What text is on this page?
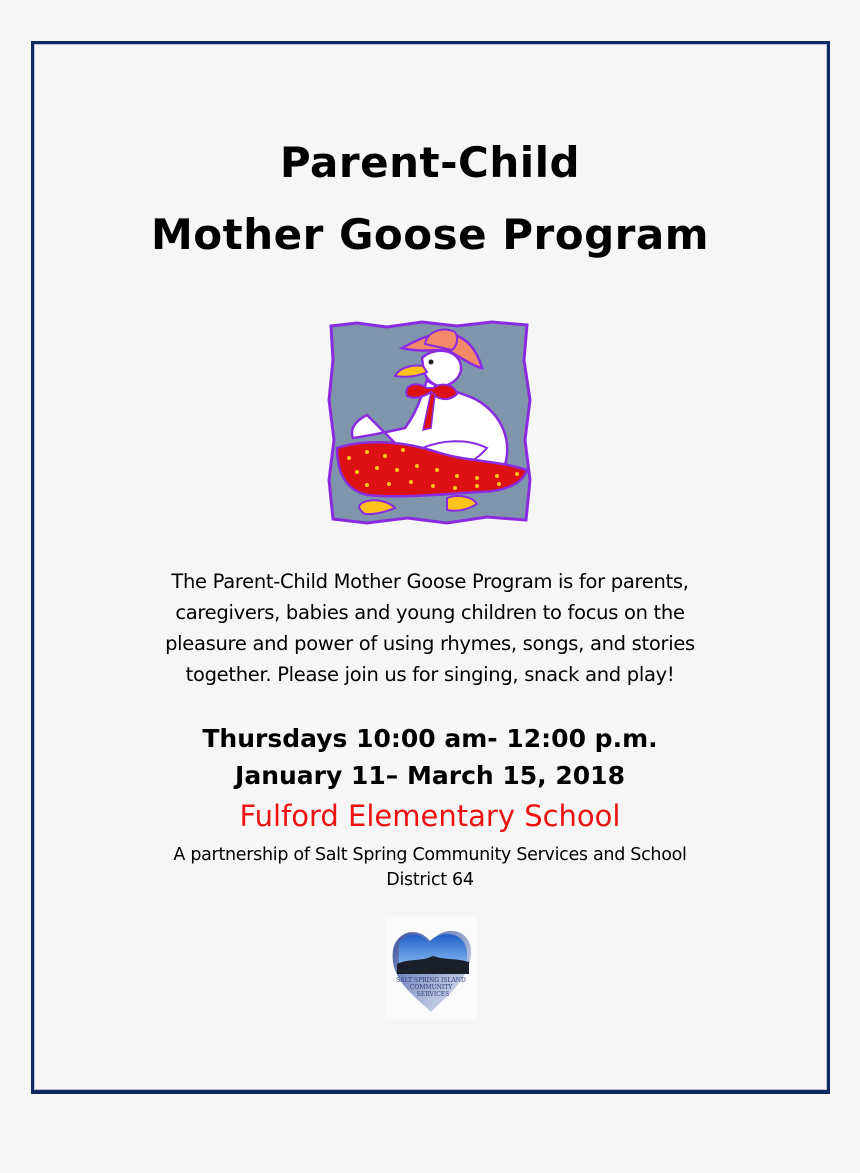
Parent-Child
Mother Goose Program
The Parent-Child Mother Goose Program is for parents,
caregivers, babies and young children to focus on the
pleasure and power of using rhymes, songs, and stories
together. Please join us for singing, snack and play!
Thursdays 10:00 am- 12:00 p.m.
January 11– March 15, 2018
Fulford Elementary School
A partnership of Salt Spring Community Services and School
District 64
SALT SPRING ISLAND
COMMUNITY
SERVICES
